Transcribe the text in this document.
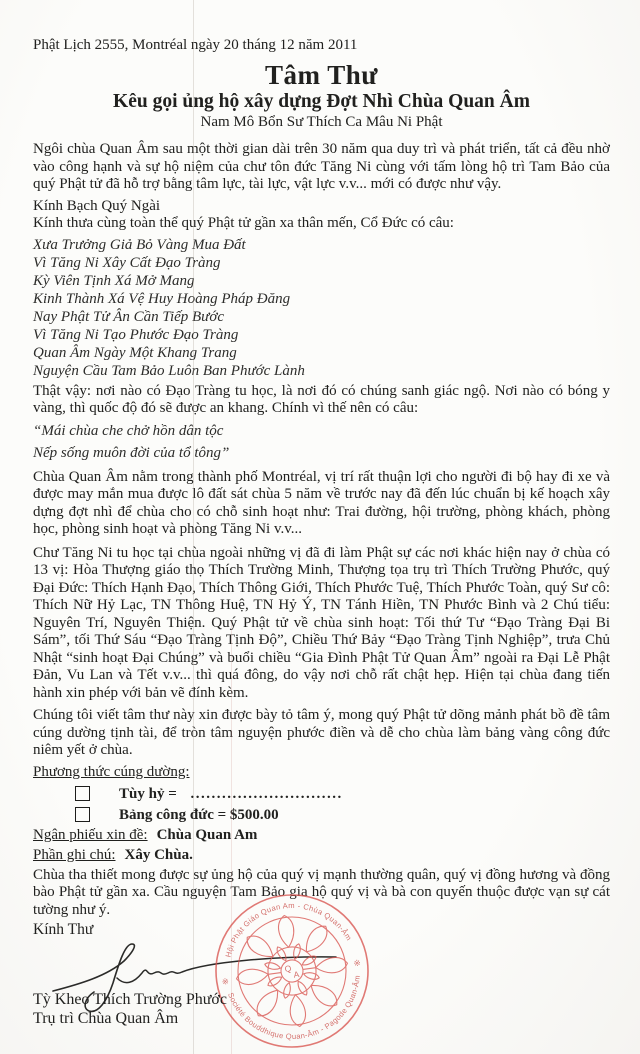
Phật Lịch 2555, Montréal ngày 20 tháng 12 năm 2011
Tâm Thư
Kêu gọi ủng hộ xây dựng Đợt Nhì Chùa Quan Âm
Nam Mô Bổn Sư Thích Ca Mâu Ni Phật

Ngôi chùa Quan Âm sau một thời gian dài trên 30 năm qua duy trì và phát triển, tất cả đều nhờ vào công hạnh và sự hộ niệm của chư tôn đức Tăng Ni cùng với tấm lòng hộ trì Tam Bảo của quý Phật tử đã hỗ trợ bằng tâm lực, tài lực, vật lực v.v... mới có được như vậy.

Kính Bạch Quý Ngài
Kính thưa cùng toàn thể quý Phật tử gần xa thân mến, Cổ Đức có câu:
Xưa Trưởng Giả Bỏ Vàng Mua Đất
Vì Tăng Ni Xây Cất Đạo Tràng
Kỳ Viên Tịnh Xá Mở Mang
Kinh Thành Xá Vệ Huy Hoàng Pháp Đăng
Nay Phật Tử Ân Cần Tiếp Bước
Vì Tăng Ni Tạo Phước Đạo Tràng
Quan Âm Ngày Một Khang Trang
Nguyện Cầu Tam Bảo Luôn Ban Phước Lành

Thật vậy: nơi nào có Đạo Tràng tu học, là nơi đó có chúng sanh giác ngộ. Nơi nào có bóng y vàng, thì quốc độ đó sẽ được an khang. Chính vì thế nên có câu:

“Mái chùa che chở hồn dân tộc
Nếp sống muôn đời của tổ tông”

Chùa Quan Âm nằm trong thành phố Montréal, vị trí rất thuận lợi cho người đi bộ hay đi xe và được may mắn mua được lô đất sát chùa 5 năm về trước nay đã đến lúc chuẩn bị kế hoạch xây dựng đợt nhì để chùa cho có chỗ sinh hoạt như: Trai đường, hội trường, phòng khách, phòng học, phòng sinh hoạt và phòng Tăng Ni v.v...

Chư Tăng Ni tu học tại chùa ngoài những vị đã đi làm Phật sự các nơi khác hiện nay ở chùa có 13 vị: Hòa Thượng giáo thọ Thích Trường Minh, Thượng tọa trụ trì Thích Trường Phước, quý Đại Đức: Thích Hạnh Đạo, Thích Thông Giới, Thích Phước Tuệ, Thích Phước Toàn, quý Sư cô: Thích Nữ Hỷ Lạc, TN Thông Huệ, TN Hỷ Ý, TN Tánh Hiền, TN Phước Bình và 2 Chú tiểu: Nguyên Trí, Nguyên Thiện. Quý Phật tử về chùa sinh hoạt: Tối thứ Tư “Đạo Tràng Đại Bi Sám”, tối Thứ Sáu “Đạo Tràng Tịnh Độ”, Chiều Thứ Bảy “Đạo Tràng Tịnh Nghiệp”, trưa Chủ Nhật “sinh hoạt Đại Chúng” và buổi chiều “Gia Đình Phật Tử Quan Âm” ngoài ra Đại Lễ Phật Đản, Vu Lan và Tết v.v... thì quá đông, do vậy nơi chỗ rất chật hẹp. Hiện tại chùa đang tiến hành xin phép với bản vẽ đính kèm.

Chúng tôi viết tâm thư này xin được bày tỏ tâm ý, mong quý Phật tử dõng mảnh phát bồ đề tâm cúng dường tịnh tài, để tròn tâm nguyện phước điền và dễ cho chùa làm bảng vàng công đức niêm yết ở chùa.

Phương thức cúng dường:
Tùy hỷ = .............................
Bảng công đức = $500.00
Ngân phiếu xin đề: Chùa Quan Am
Phần ghi chú: Xây Chùa.

Chùa tha thiết mong được sự ủng hộ của quý vị mạnh thường quân, quý vị đồng hương và đồng bào Phật tử gần xa. Cầu nguyện Tam Bảo gia hộ quý vị và bà con quyến thuộc được vạn sự cát tường như ý.

Kính Thư
Hội Phật Giáo Quan Am - Chùa Quan-Âm
Société Bouddhique Quan-Âm - Pagode Quan-Âm
※
※
Q
A
Tỳ Kheo Thích Trường Phước
Trụ trì Chùa Quan Âm
